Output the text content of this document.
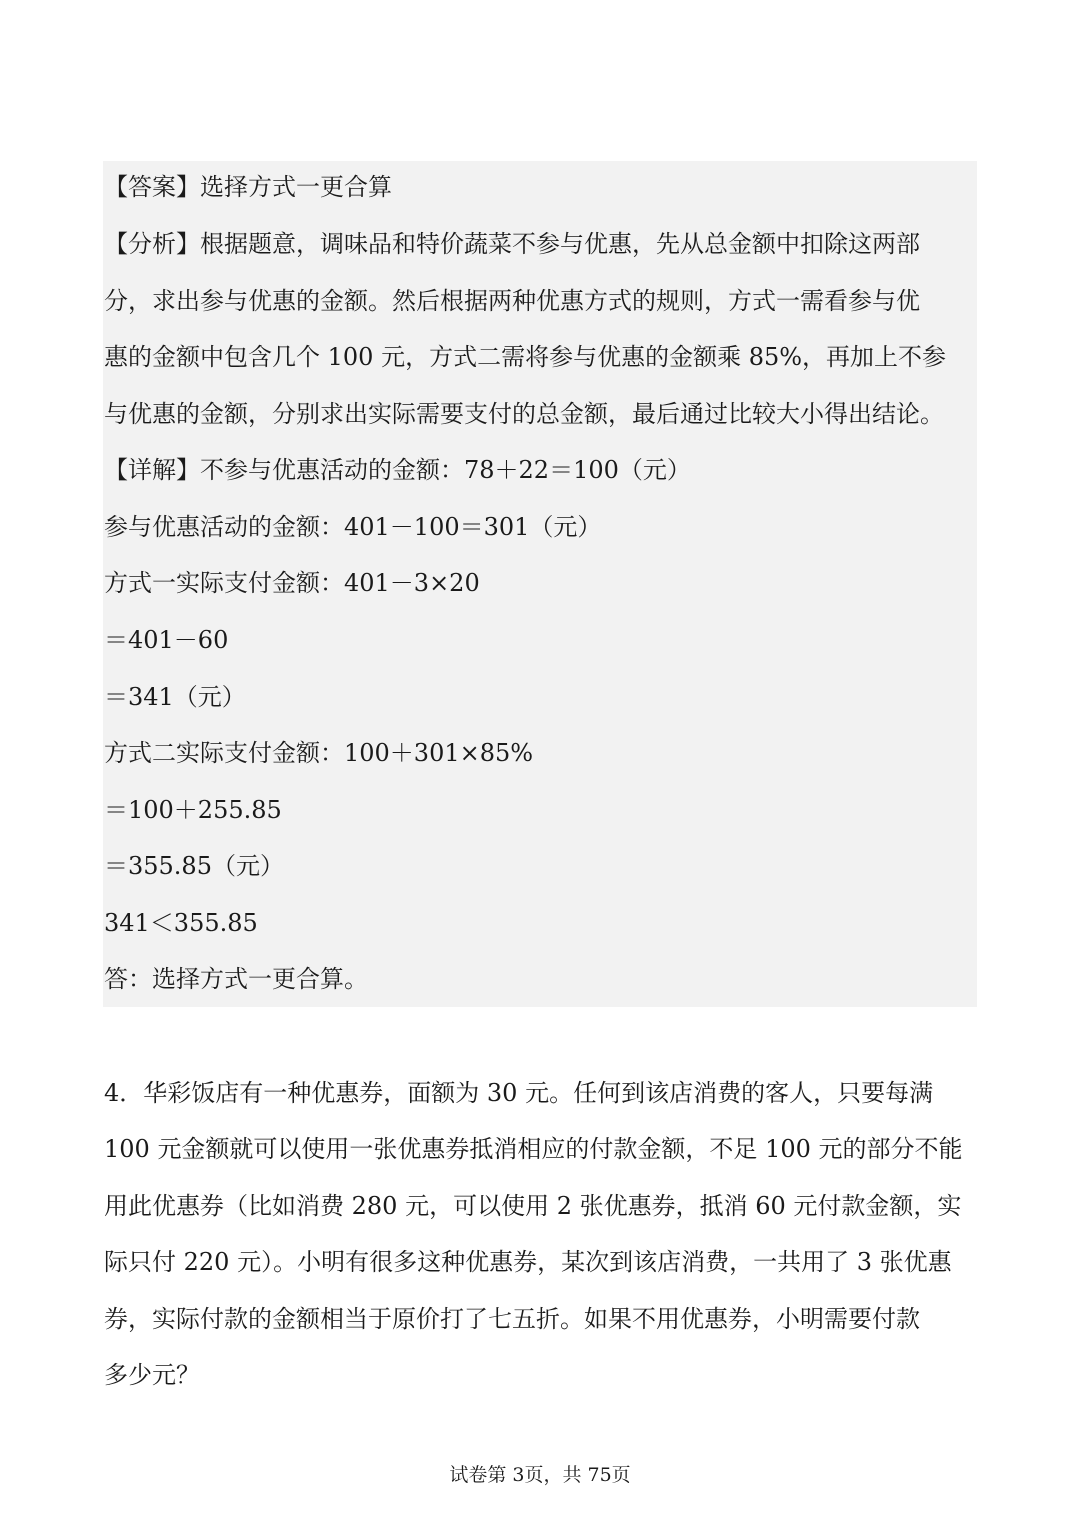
【答案】选择方式一更合算
【分析】根据题意，调味品和特价蔬菜不参与优惠，先从总金额中扣除这两部
分，求出参与优惠的金额。然后根据两种优惠方式的规则，方式一需看参与优
惠的金额中包含几个 100 元，方式二需将参与优惠的金额乘 85%，再加上不参
与优惠的金额，分别求出实际需要支付的总金额，最后通过比较大小得出结论。
【详解】不参与优惠活动的金额：78＋22＝100（元）
参与优惠活动的金额：401－100＝301（元）
方式一实际支付金额：401－3×20
＝401－60
＝341（元）
方式二实际支付金额：100＋301×85%
＝100＋255.85
＝355.85（元）
341＜355.85
答：选择方式一更合算。
4．华彩饭店有一种优惠券，面额为 30 元。任何到该店消费的客人，只要每满
100 元金额就可以使用一张优惠券抵消相应的付款金额，不足 100 元的部分不能
用此优惠券（比如消费 280 元，可以使用 2 张优惠券，抵消 60 元付款金额，实
际只付 220 元）。小明有很多这种优惠券，某次到该店消费，一共用了 3 张优惠
券，实际付款的金额相当于原价打了七五折。如果不用优惠券，小明需要付款
多少元？
试卷第 3页，共 75页
